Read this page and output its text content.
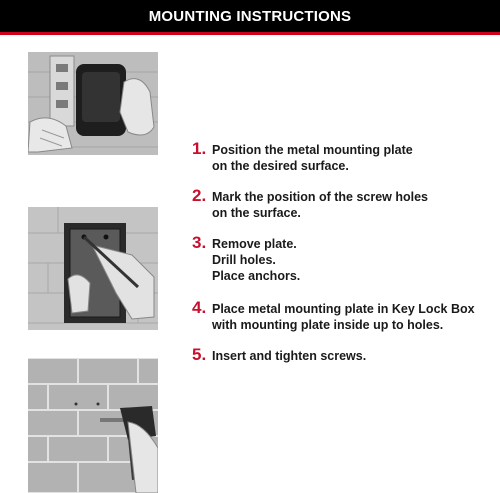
MOUNTING INSTRUCTIONS
1. Position the metal mounting plate
on the desired surface.
2. Mark the position of the screw holes
on the surface.
3. Remove plate.
Drill holes.
Place anchors.
4. Place metal mounting plate in Key Lock Box
with mounting plate inside up to holes.
5. Insert and tighten screws.
